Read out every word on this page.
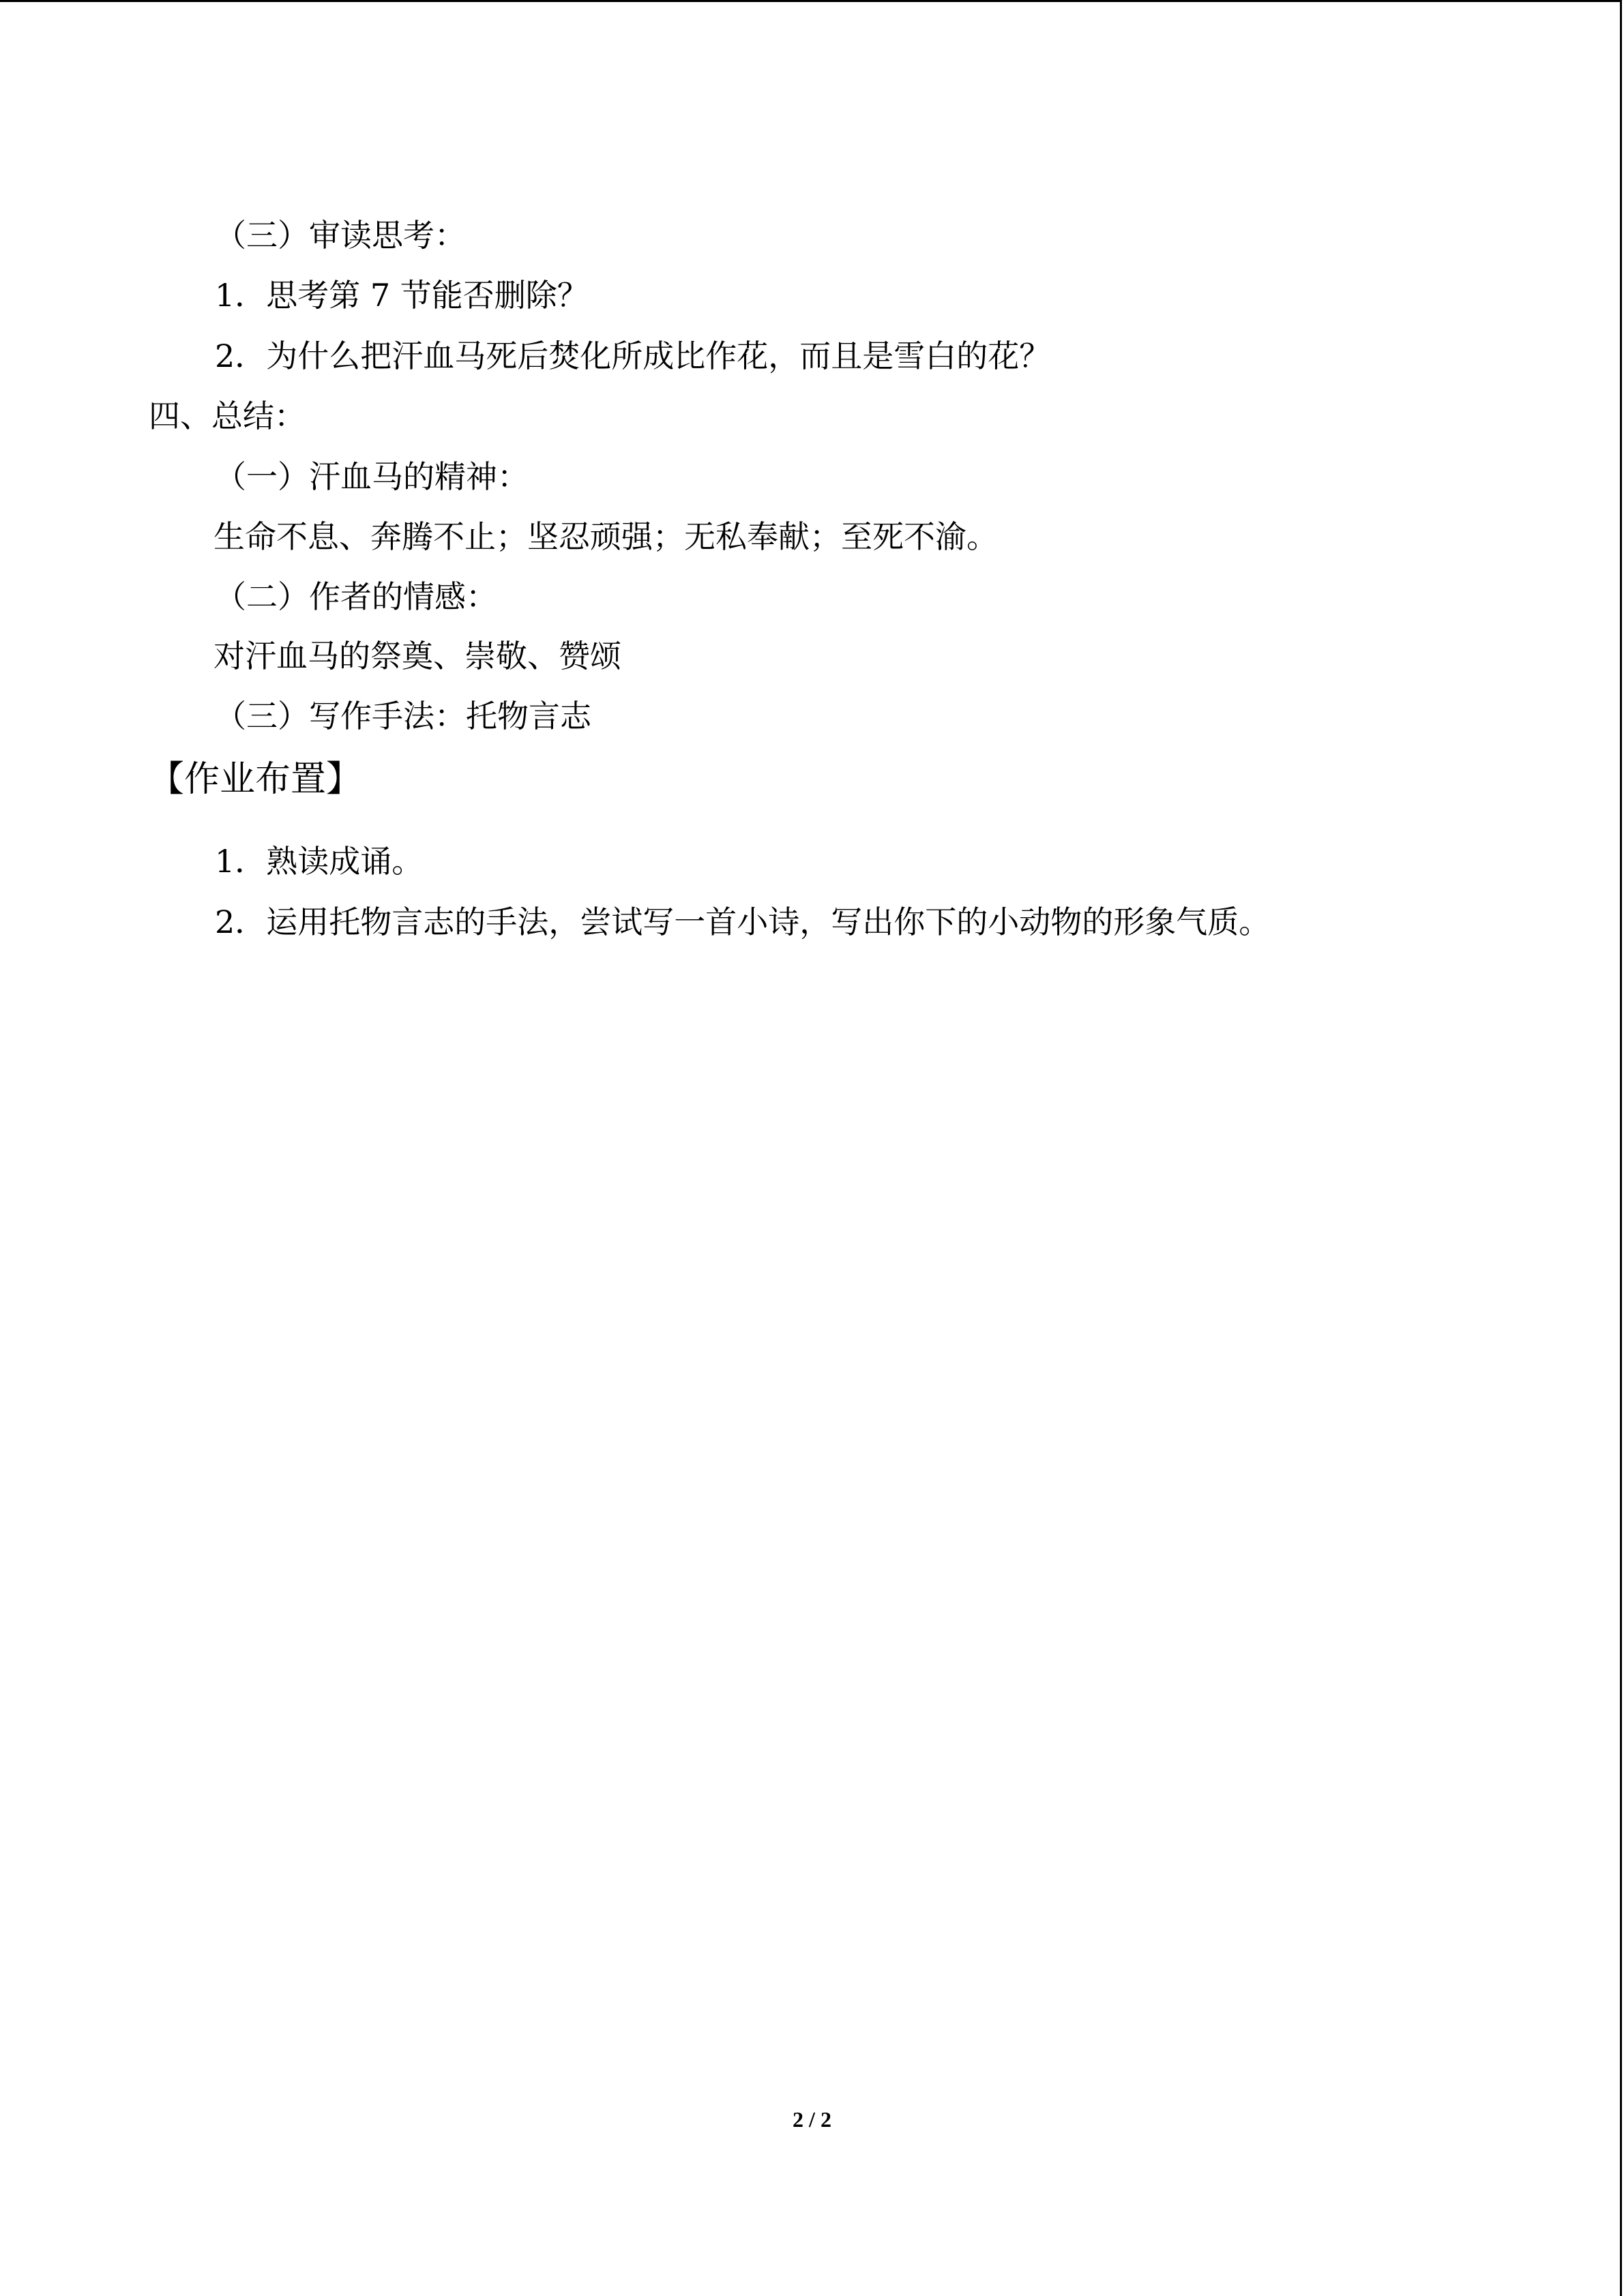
（三）审读思考：
1．思考第 7 节能否删除？
2．为什么把汗血马死后焚化所成比作花，而且是雪白的花？
四、总结：
（一）汗血马的精神：
生命不息、奔腾不止；坚忍顽强；无私奉献；至死不渝。
（二）作者的情感：
对汗血马的祭奠、崇敬、赞颂
（三）写作手法：托物言志
【作业布置】
1．熟读成诵。
2．运用托物言志的手法，尝试写一首小诗，写出你下的小动物的形象气质。
2 / 2
